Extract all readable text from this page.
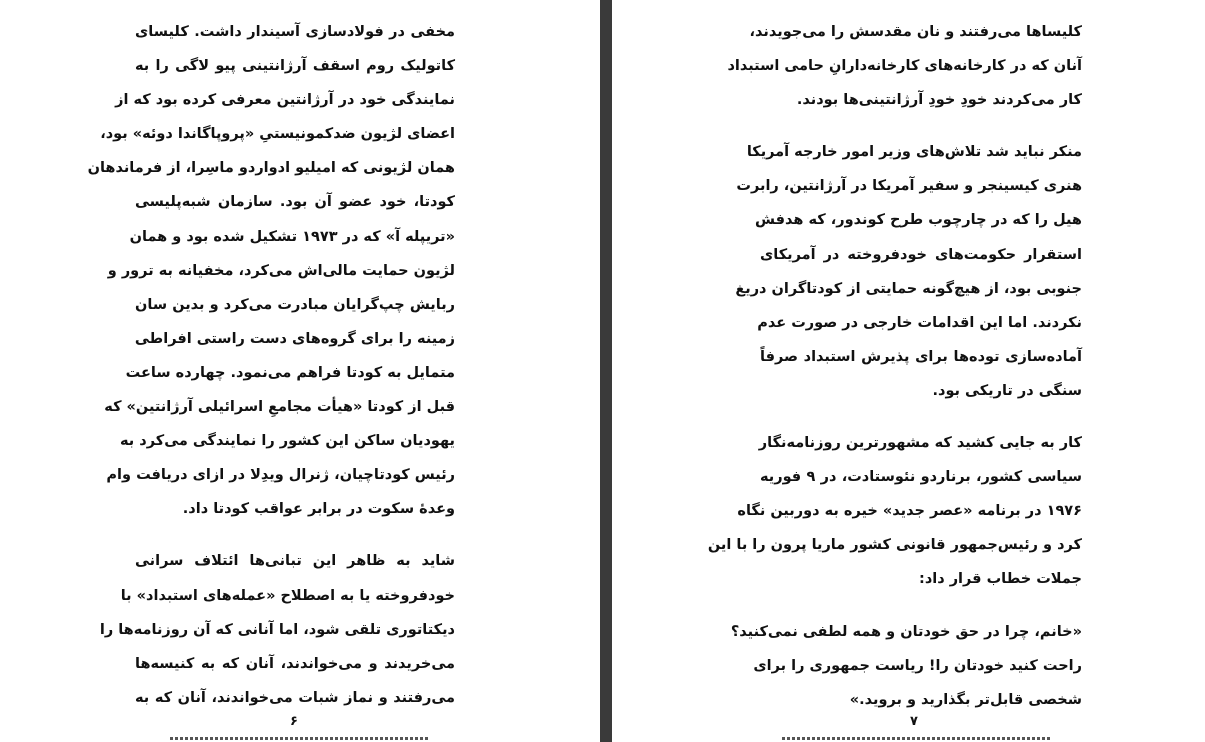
مخفی در فولادسازی آسیندار داشت. کلیسای
کاتولیک روم اسقف آرژانتینی پیو لاگی را به
نمایندگی خود در آرژانتین معرفی کرده بود که از
اعضای لژیون ضدکمونیستیِ «پروپاگاندا دوئه» بود،
همان لژیونی که امیلیو ادواردو ماسِرا، از فرماندهان
کودتا، خود عضو آن بود. سازمان شبه‌پلیسی
«تریپله آ» که در ۱۹۷۳ تشکیل شده بود و همان
لژیون حمایت مالی‌اش می‌کرد، مخفیانه به ترور و
ربایش چپ‌گرایان مبادرت می‌کرد و بدین سان
زمینه را برای گروه‌های دست راستی افراطی
متمایل به کودتا فراهم می‌نمود. چهارده ساعت
قبل از کودتا «هیأت مجامعِ اسرائیلی آرژانتین» که
یهودیان ساکن این کشور را نمایندگی می‌کرد به
رئیس کودتاچیان، ژنرال ویدِلا در ازای دریافت وام
وعدهٔ سکوت در برابر عواقب کودتا داد.
شاید به ظاهر این تبانی‌ها ائتلاف سرانی
خودفروخته یا به اصطلاح «عمله‌های استبداد» با
دیکتاتوری تلقی شود، اما آنانی که آن روزنامه‌ها را
می‌خریدند و می‌خواندند، آنان که به کنیسه‌ها
می‌رفتند و نماز شبات می‌خواندند، آنان که به
۶
کلیساها می‌رفتند و نان مقدسش را می‌جویدند،
آنان که در کارخانه‌های کارخانه‌دارانِ حامی استبداد
کار می‌کردند خودِ خودِ آرژانتینی‌ها بودند.
منکر نباید شد تلاش‌های وزیر امور خارجه آمریکا
هنری کیسینجر و سفیر آمریکا در آرژانتین، رابرت
هیل را که در چارچوب طرح کوندور، که هدفش
استقرار حکومت‌های خودفروخته در آمریکای
جنوبی بود، از هیچ‌گونه حمایتی از کودتاگران دریغ
نکردند. اما این اقدامات خارجی در صورت عدم
آماده‌سازی توده‌ها برای پذیرش استبداد صرفاً
سنگی در تاریکی بود.
کار به جایی کشید که مشهورترین روزنامه‌نگار
سیاسی کشور، برناردو نئوستادت، در ۹ فوریه
۱۹۷۶ در برنامه «عصر جدید» خیره به دوربین نگاه
کرد و رئیس‌جمهور قانونی کشور ماریا پرون را با این
جملات خطاب قرار داد:
«خانم، چرا در حق خودتان و همه لطفی نمی‌کنید؟
راحت کنید خودتان را! ریاست جمهوری را برای
شخصی قابل‌تر بگذارید و بروید.»
۷
